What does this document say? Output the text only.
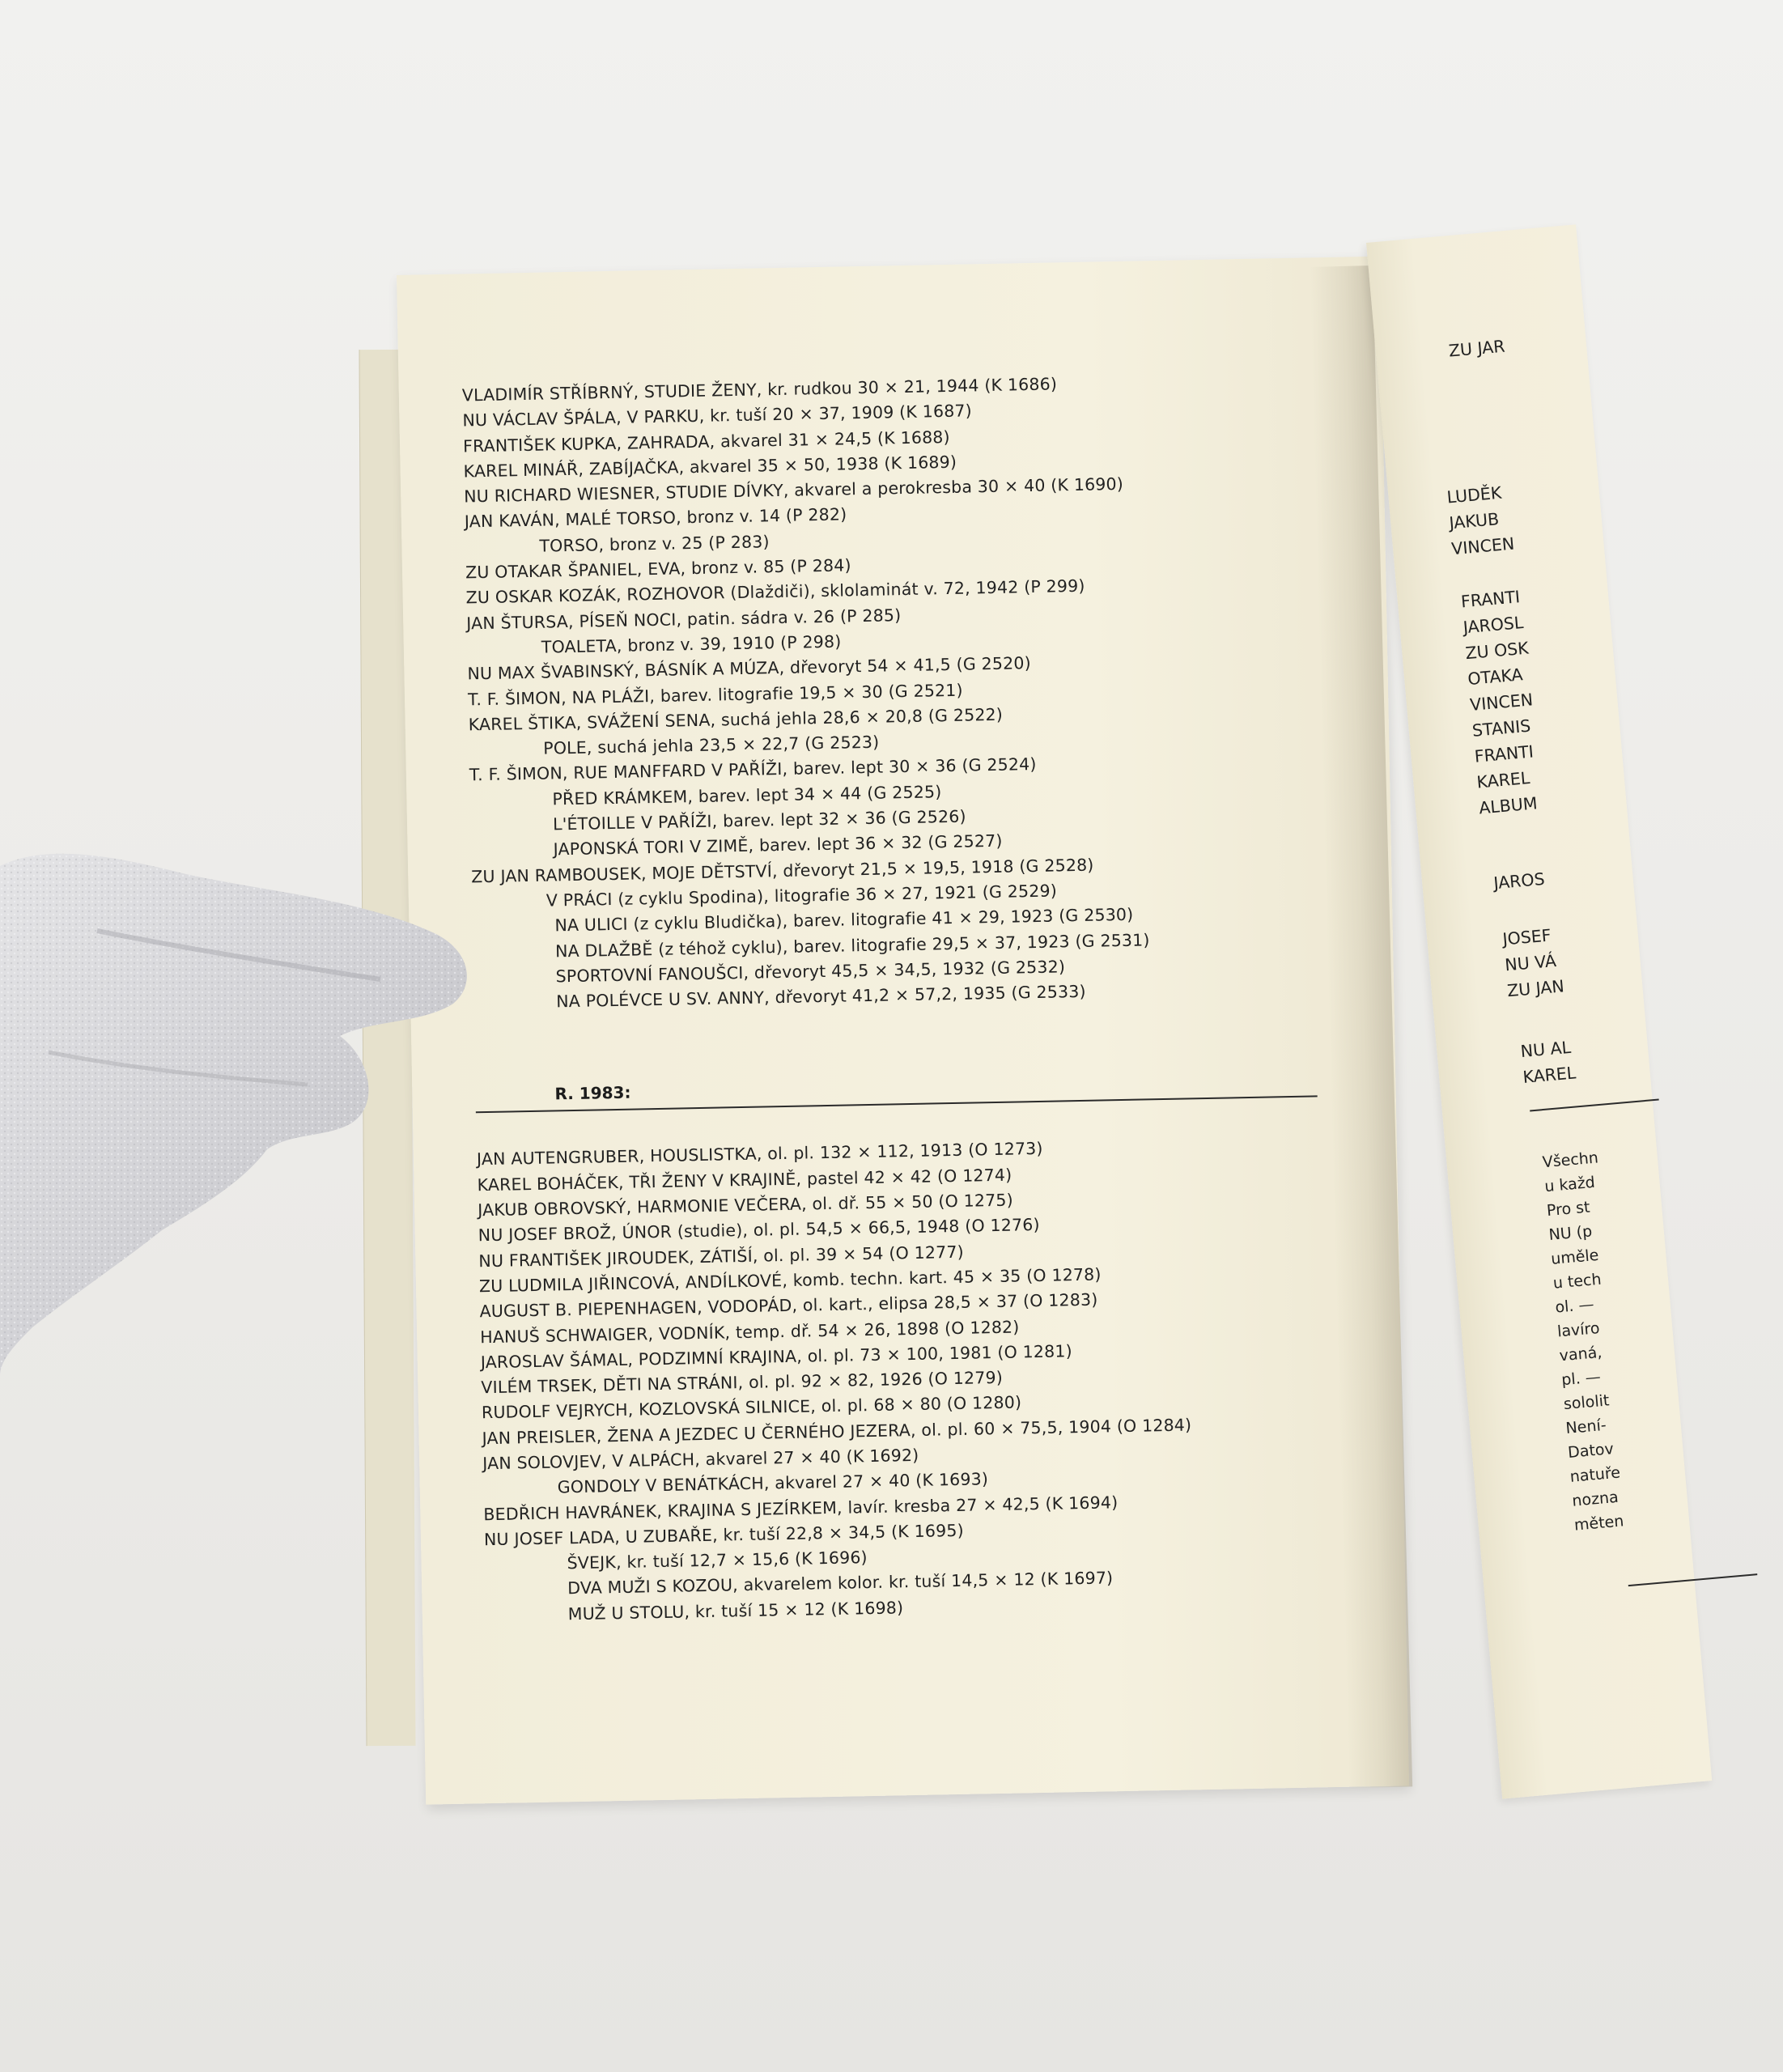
VLADIMÍR STŘÍBRNÝ, STUDIE ŽENY, kr. rudkou 30 × 21, 1944 (K 1686)
NU VÁCLAV ŠPÁLA, V PARKU, kr. tuší 20 × 37, 1909 (K 1687)
FRANTIŠEK KUPKA, ZAHRADA, akvarel 31 × 24,5 (K 1688)
KAREL MINÁŘ, ZABÍJAČKA, akvarel 35 × 50, 1938 (K 1689)
NU RICHARD WIESNER, STUDIE DÍVKY, akvarel a perokresba 30 × 40 (K 1690)
JAN KAVÁN, MALÉ TORSO, bronz v. 14 (P 282)
TORSO, bronz v. 25 (P 283)
ZU OTAKAR ŠPANIEL, EVA, bronz v. 85 (P 284)
ZU OSKAR KOZÁK, ROZHOVOR (Dlaždiči), sklolaminát v. 72, 1942 (P 299)
JAN ŠTURSA, PÍSEŇ NOCI, patin. sádra v. 26 (P 285)
TOALETA, bronz v. 39, 1910 (P 298)
NU MAX ŠVABINSKÝ, BÁSNÍK A MÚZA, dřevoryt 54 × 41,5 (G 2520)
T. F. ŠIMON, NA PLÁŽI, barev. litografie 19,5 × 30 (G 2521)
KAREL ŠTIKA, SVÁŽENÍ SENA, suchá jehla 28,6 × 20,8 (G 2522)
POLE, suchá jehla 23,5 × 22,7 (G 2523)
T. F. ŠIMON, RUE MANFFARD V PAŘÍŽI, barev. lept 30 × 36 (G 2524)
PŘED KRÁMKEM, barev. lept 34 × 44 (G 2525)
L'ÉTOILLE V PAŘÍŽI, barev. lept 32 × 36 (G 2526)
JAPONSKÁ TORI V ZIMĚ, barev. lept 36 × 32 (G 2527)
ZU JAN RAMBOUSEK, MOJE DĚTSTVÍ, dřevoryt 21,5 × 19,5, 1918 (G 2528)
V PRÁCI (z cyklu Spodina), litografie 36 × 27, 1921 (G 2529)
NA ULICI (z cyklu Bludička), barev. litografie 41 × 29, 1923 (G 2530)
NA DLAŽBĚ (z téhož cyklu), barev. litografie 29,5 × 37, 1923 (G 2531)
SPORTOVNÍ FANOUŠCI, dřevoryt 45,5 × 34,5, 1932 (G 2532)
NA POLÉVCE U SV. ANNY, dřevoryt 41,2 × 57,2, 1935 (G 2533)
R. 1983:
JAN AUTENGRUBER, HOUSLISTKA, ol. pl. 132 × 112, 1913 (O 1273)
KAREL BOHÁČEK, TŘI ŽENY V KRAJINĚ, pastel 42 × 42 (O 1274)
JAKUB OBROVSKÝ, HARMONIE VEČERA, ol. dř. 55 × 50 (O 1275)
NU JOSEF BROŽ, ÚNOR (studie), ol. pl. 54,5 × 66,5, 1948 (O 1276)
NU FRANTIŠEK JIROUDEK, ZÁTIŠÍ, ol. pl. 39 × 54 (O 1277)
ZU LUDMILA JIŘINCOVÁ, ANDÍLKOVÉ, komb. techn. kart. 45 × 35 (O 1278)
AUGUST B. PIEPENHAGEN, VODOPÁD, ol. kart., elipsa 28,5 × 37 (O 1283)
HANUŠ SCHWAIGER, VODNÍK, temp. dř. 54 × 26, 1898 (O 1282)
JAROSLAV ŠÁMAL, PODZIMNÍ KRAJINA, ol. pl. 73 × 100, 1981 (O 1281)
VILÉM TRSEK, DĚTI NA STRÁNI, ol. pl. 92 × 82, 1926 (O 1279)
RUDOLF VEJRYCH, KOZLOVSKÁ SILNICE, ol. pl. 68 × 80 (O 1280)
JAN PREISLER, ŽENA A JEZDEC U ČERNÉHO JEZERA, ol. pl. 60 × 75,5, 1904 (O 1284)
JAN SOLOVJEV, V ALPÁCH, akvarel 27 × 40 (K 1692)
GONDOLY V BENÁTKÁCH, akvarel 27 × 40 (K 1693)
BEDŘICH HAVRÁNEK, KRAJINA S JEZÍRKEM, lavír. kresba 27 × 42,5 (K 1694)
NU JOSEF LADA, U ZUBAŘE, kr. tuší 22,8 × 34,5 (K 1695)
ŠVEJK, kr. tuší 12,7 × 15,6 (K 1696)
DVA MUŽI S KOZOU, akvarelem kolor. kr. tuší 14,5 × 12 (K 1697)
MUŽ U STOLU, kr. tuší 15 × 12 (K 1698)
ZU JAR
LUDĚK
JAKUB
VINCEN
FRANTI
JAROSL
ZU OSK
OTAKA
VINCEN
STANIS
FRANTI
KAREL
ALBUM
JAROS
JOSEF
NU VÁ
ZU JAN
NU AL
KAREL
Všechn
u každ
Pro st
NU (p
uměle
u tech
ol. —
lavíro
vaná,
pl. —
sololit
Není-
Datov
natuře
nozna
měten
